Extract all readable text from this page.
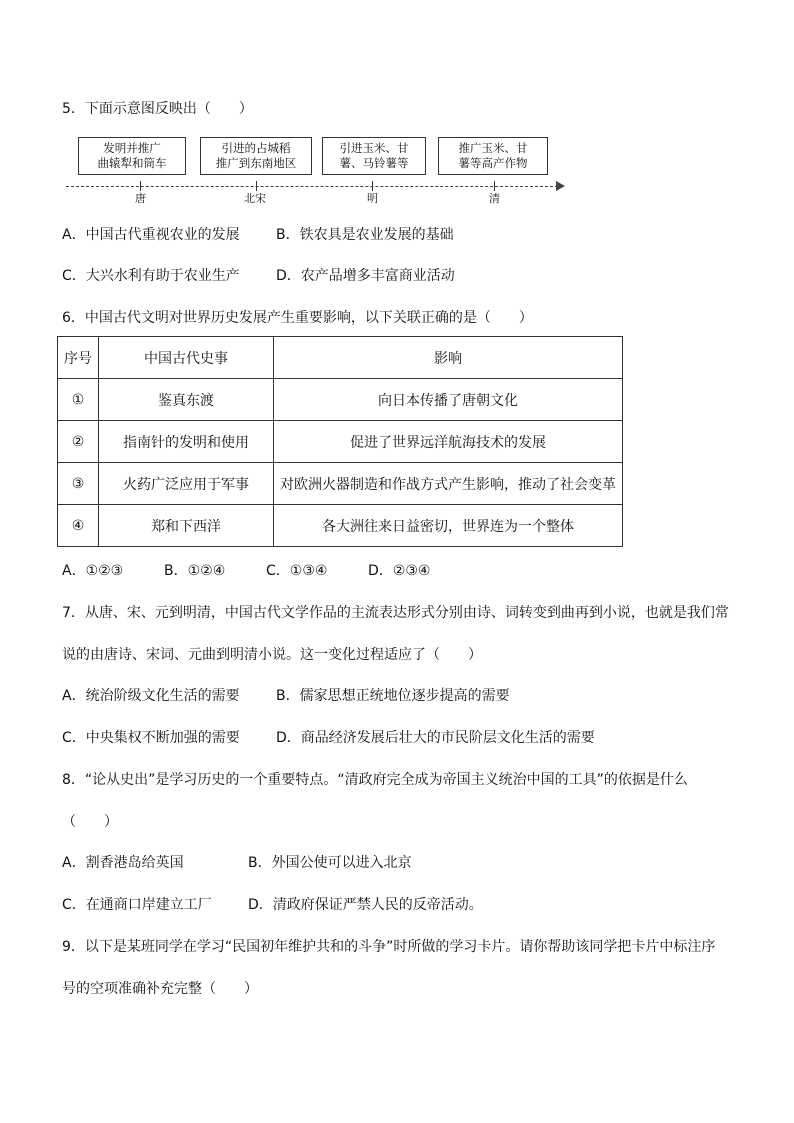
5．下面示意图反映出（　　）
发明并推广
曲辕犁和筒车
引进的占城稻
推广到东南地区
引进玉米、甘
薯、马铃薯等
推广玉米、甘
薯等高产作物
唐	北宋	明	清
A．中国古代重视农业的发展	B．铁农具是农业发展的基础
C．大兴水利有助于农业生产	D．农产品增多丰富商业活动
6．中国古代文明对世界历史发展产生重要影响，以下关联正确的是（　　）
序号	中国古代史事	影响
①	鉴真东渡	向日本传播了唐朝文化
②	指南针的发明和使用	促进了世界远洋航海技术的发展
③	火药广泛应用于军事	对欧洲火器制造和作战方式产生影响，推动了社会变革
④	郑和下西洋	各大洲往来日益密切，世界连为一个整体
A．①②③	B．①②④	C．①③④	D．②③④
7．从唐、宋、元到明清，中国古代文学作品的主流表达形式分别由诗、词转变到曲再到小说，也就是我们常
说的由唐诗、宋词、元曲到明清小说。这一变化过程适应了（　　）
A．统治阶级文化生活的需要	B．儒家思想正统地位逐步提高的需要
C．中央集权不断加强的需要	D．商品经济发展后壮大的市民阶层文化生活的需要
8．“论从史出”是学习历史的一个重要特点。“清政府完全成为帝国主义统治中国的工具”的依据是什么
（　　）
A．割香港岛给英国	B．外国公使可以进入北京
C．在通商口岸建立工厂	D．清政府保证严禁人民的反帝活动。
9．以下是某班同学在学习“民国初年维护共和的斗争”时所做的学习卡片。请你帮助该同学把卡片中标注序
号的空项准确补充完整（　　）
